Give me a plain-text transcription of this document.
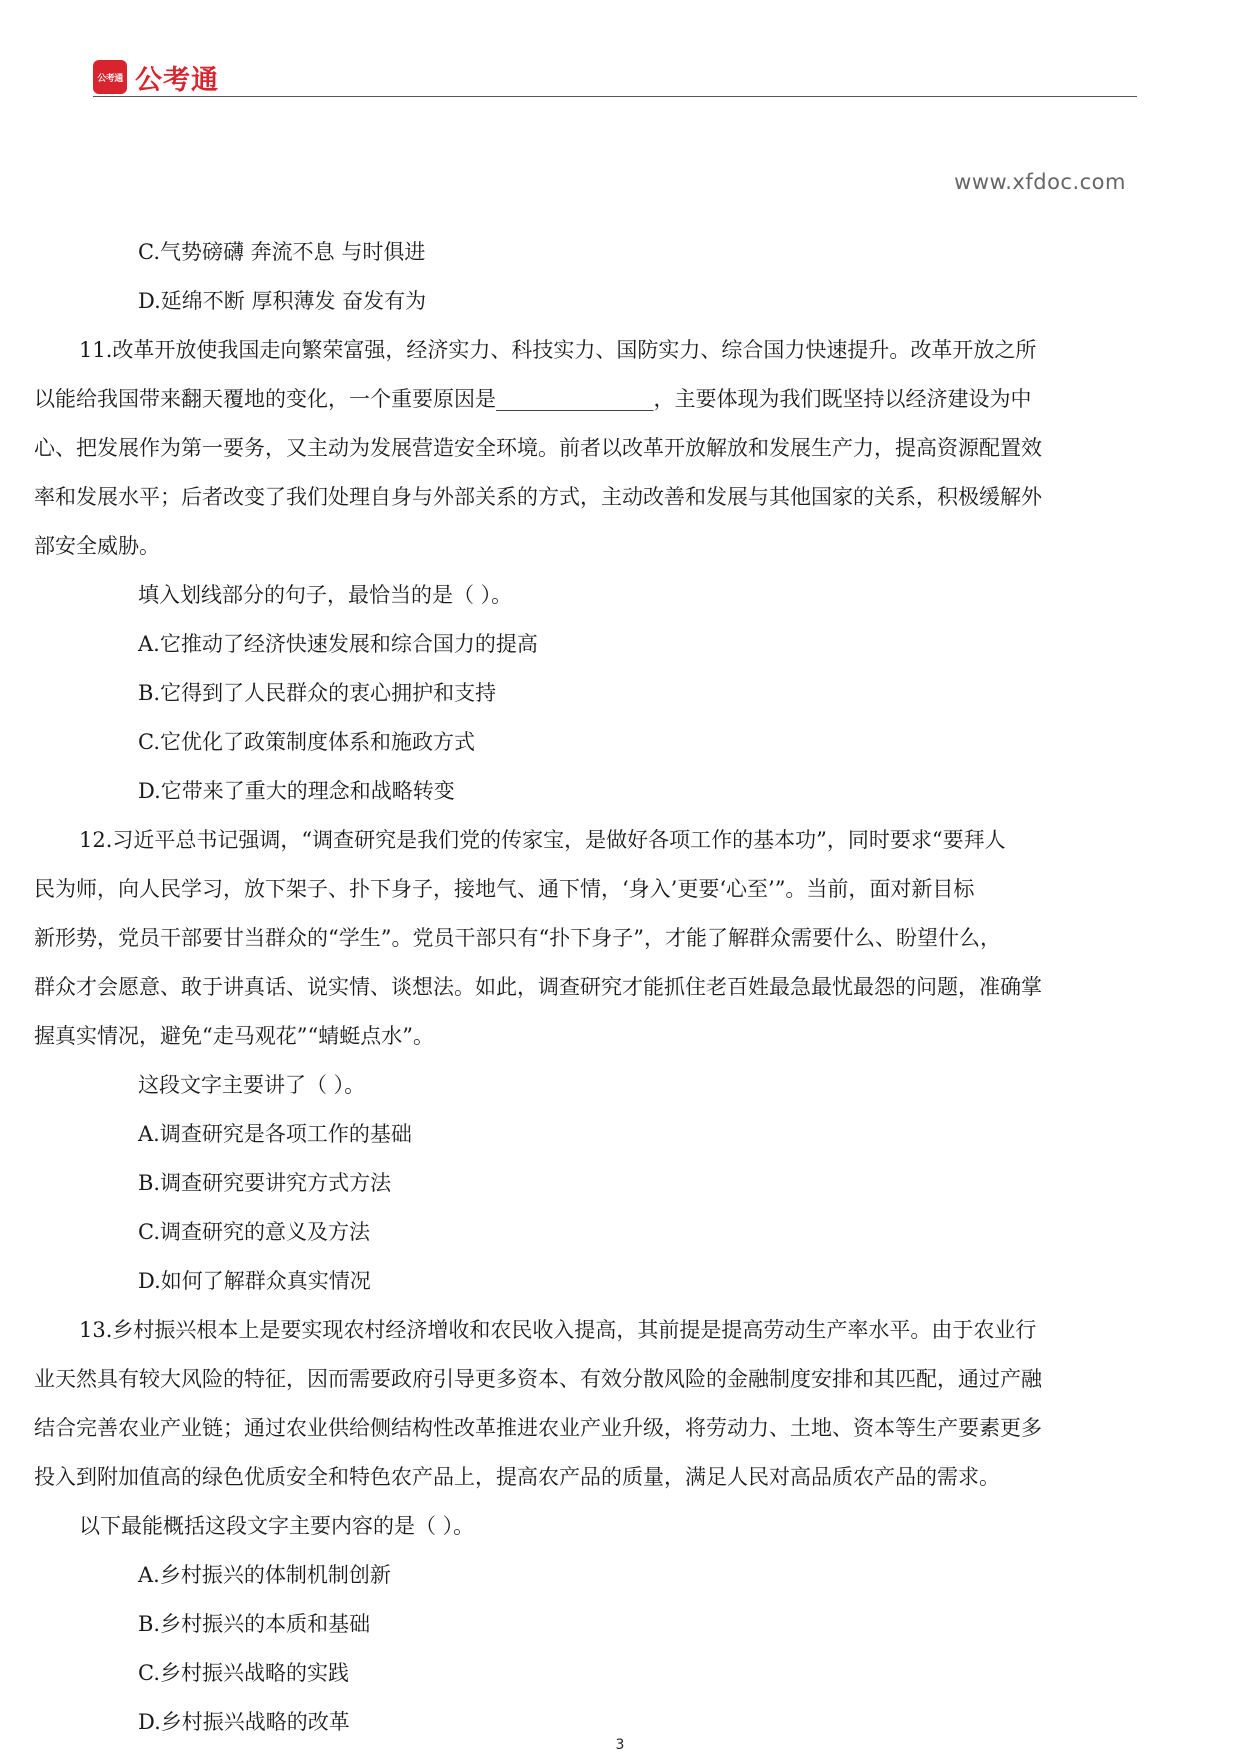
公考通 公考通
www.xfdoc.com
C.气势磅礴 奔流不息 与时俱进
D.延绵不断 厚积薄发 奋发有为
11.改革开放使我国走向繁荣富强，经济实力、科技实力、国防实力、综合国力快速提升。改革开放之所
以能给我国带来翻天覆地的变化，一个重要原因是_______________，主要体现为我们既坚持以经济建设为中
心、把发展作为第一要务，又主动为发展营造安全环境。前者以改革开放解放和发展生产力，提高资源配置效
率和发展水平；后者改变了我们处理自身与外部关系的方式，主动改善和发展与其他国家的关系，积极缓解外
部安全威胁。
填入划线部分的句子，最恰当的是（ ）。
A.它推动了经济快速发展和综合国力的提高
B.它得到了人民群众的衷心拥护和支持
C.它优化了政策制度体系和施政方式
D.它带来了重大的理念和战略转变
12.习近平总书记强调，“调查研究是我们党的传家宝，是做好各项工作的基本功”，同时要求“要拜人
民为师，向人民学习，放下架子、扑下身子，接地气、通下情，‘身入’更要‘心至’”。当前，面对新目标
新形势，党员干部要甘当群众的“学生”。党员干部只有“扑下身子”，才能了解群众需要什么、盼望什么，
群众才会愿意、敢于讲真话、说实情、谈想法。如此，调查研究才能抓住老百姓最急最忧最怨的问题，准确掌
握真实情况，避免“走马观花”“蜻蜓点水”。
这段文字主要讲了（ ）。
A.调查研究是各项工作的基础
B.调查研究要讲究方式方法
C.调查研究的意义及方法
D.如何了解群众真实情况
13.乡村振兴根本上是要实现农村经济增收和农民收入提高，其前提是提高劳动生产率水平。由于农业行
业天然具有较大风险的特征，因而需要政府引导更多资本、有效分散风险的金融制度安排和其匹配，通过产融
结合完善农业产业链；通过农业供给侧结构性改革推进农业产业升级，将劳动力、土地、资本等生产要素更多
投入到附加值高的绿色优质安全和特色农产品上，提高农产品的质量，满足人民对高品质农产品的需求。
以下最能概括这段文字主要内容的是（ ）。
A.乡村振兴的体制机制创新
B.乡村振兴的本质和基础
C.乡村振兴战略的实践
D.乡村振兴战略的改革
3
